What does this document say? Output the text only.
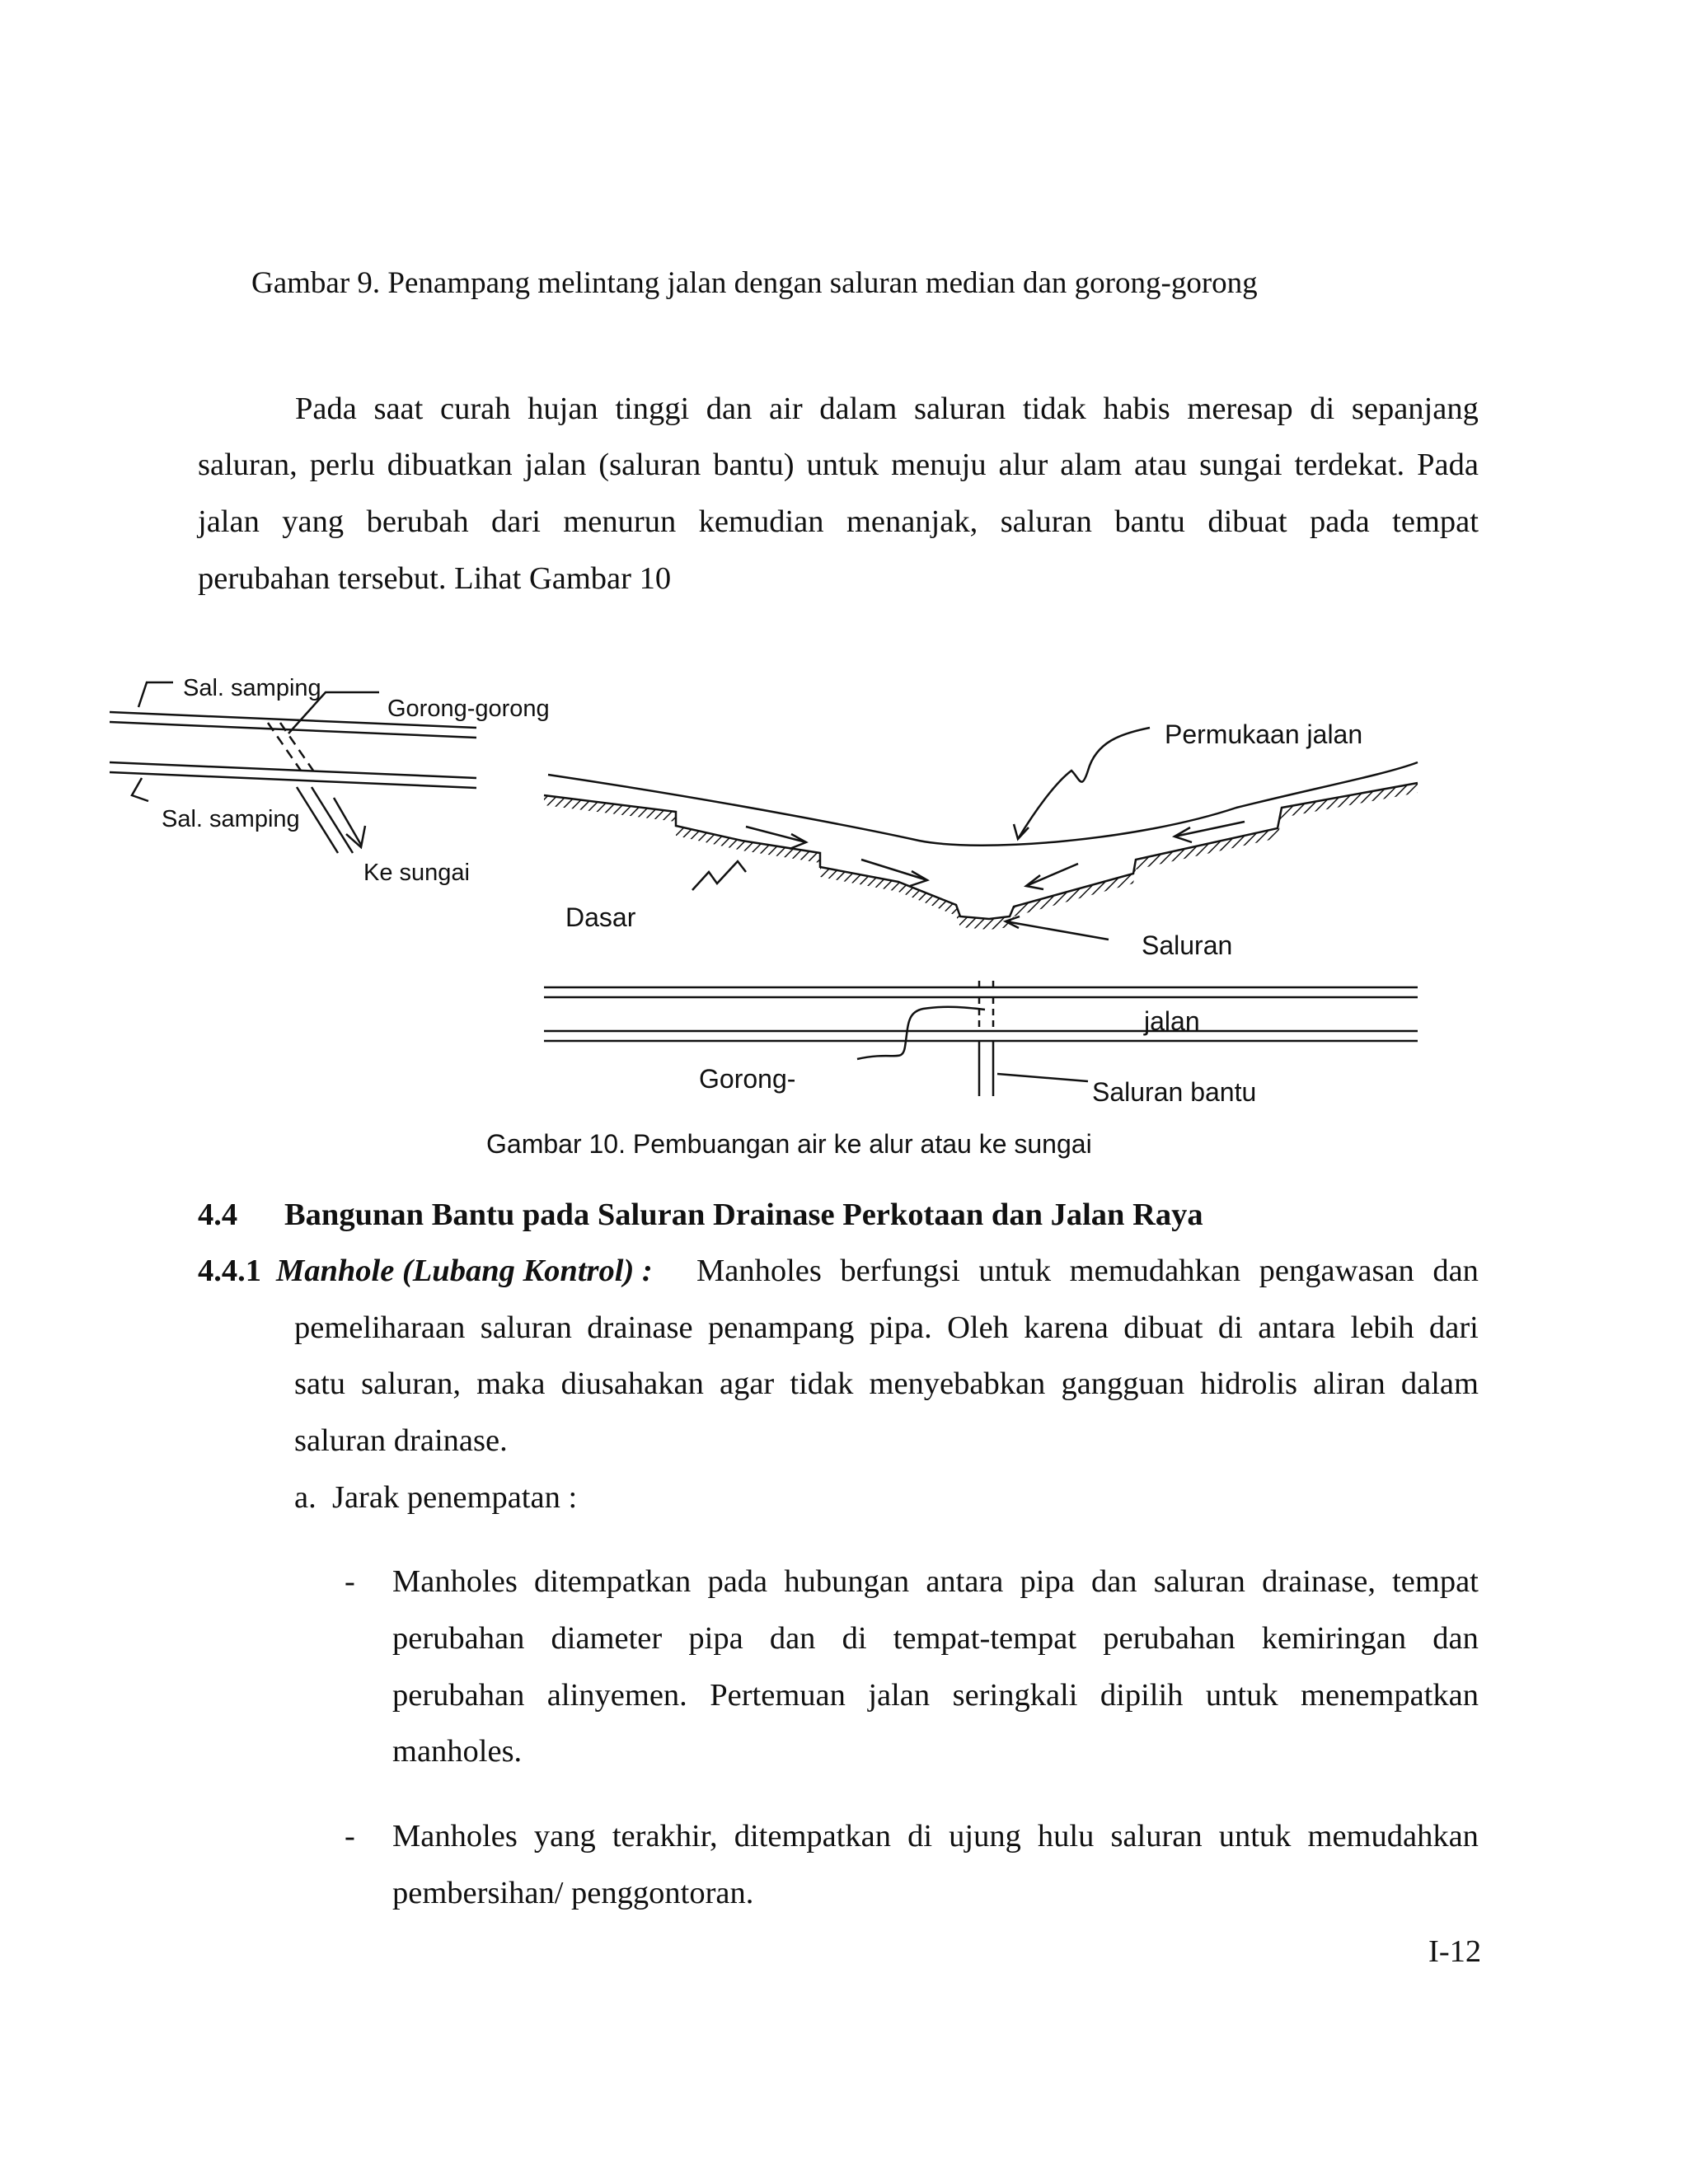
Gambar 9. Penampang melintang jalan dengan saluran median dan gorong-gorong
Pada saat curah hujan tinggi dan air dalam saluran tidak habis meresap di sepanjang
saluran, perlu dibuatkan jalan (saluran bantu) untuk menuju alur alam atau sungai terdekat. Pada
jalan yang berubah dari menurun kemudian menanjak, saluran bantu dibuat pada tempat
perubahan tersebut. Lihat Gambar 10
Sal. samping
Gorong-gorong
Sal. samping
Ke sungai
Permukaan jalan
Dasar
Saluran
jalan
Gorong-	Saluran bantu
Gambar 10. Pembuangan air ke alur atau ke sungai
4.4 Bangunan Bantu pada Saluran Drainase Perkotaan dan Jalan Raya
4.4.1 Manhole (Lubang Kontrol) : Manholes berfungsi untuk memudahkan pengawasan dan
pemeliharaan saluran drainase penampang pipa. Oleh karena dibuat di antara lebih dari
satu saluran, maka diusahakan agar tidak menyebabkan gangguan hidrolis aliran dalam
saluran drainase.
a.  Jarak penempatan :
- Manholes ditempatkan pada hubungan antara pipa dan saluran drainase, tempat
perubahan diameter pipa dan di tempat-tempat perubahan kemiringan dan
perubahan alinyemen. Pertemuan jalan seringkali dipilih untuk menempatkan
manholes.
- Manholes yang terakhir, ditempatkan di ujung hulu saluran untuk memudahkan
pembersihan/ penggontoran.
I-12
